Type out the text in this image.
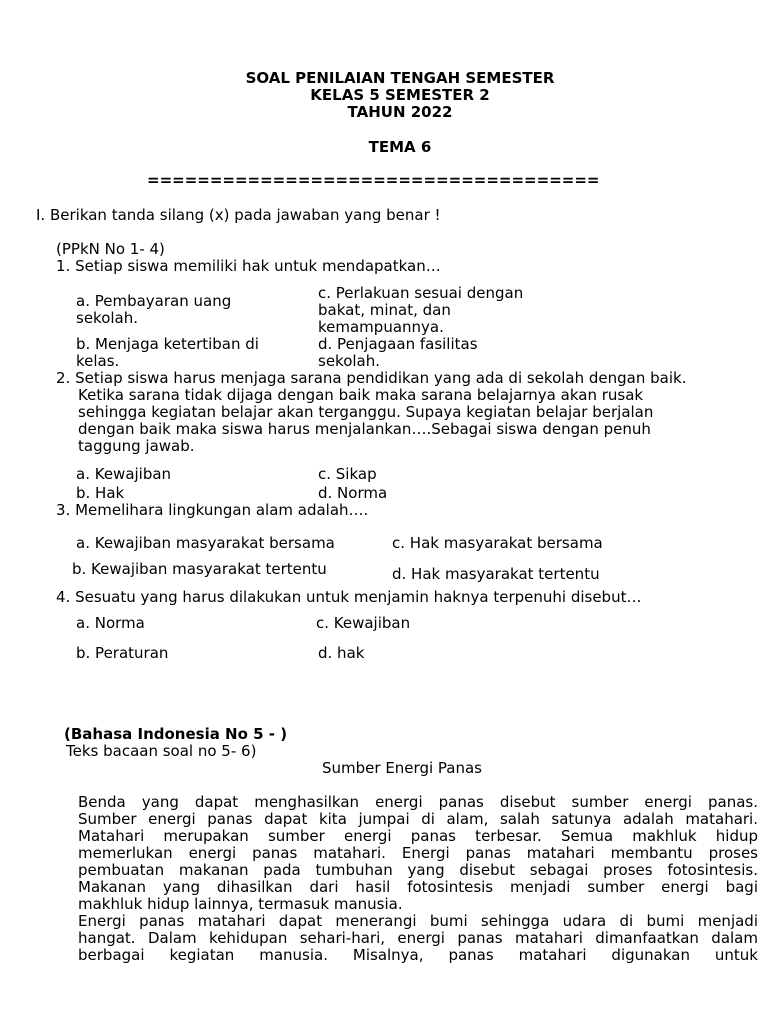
SOAL PENILAIAN TENGAH SEMESTER
KELAS 5 SEMESTER 2
TAHUN 2022
TEMA 6
====================================
I. Berikan tanda silang (x) pada jawaban yang benar !
(PPkN No 1- 4)
1. Setiap siswa memiliki hak untuk mendapatkan…
a. Pembayaran uang sekolah.
b. Menjaga ketertiban di kelas.
c. Perlakuan sesuai dengan bakat, minat, dan kemampuannya.
d. Penjagaan fasilitas sekolah.
2. Setiap siswa harus menjaga sarana pendidikan yang ada di sekolah dengan baik.
Ketika sarana tidak dijaga dengan baik maka sarana belajarnya akan rusak
sehingga kegiatan belajar akan terganggu. Supaya kegiatan belajar berjalan
dengan baik maka siswa harus menjalankan….Sebagai siswa dengan penuh
taggung jawab.
a. Kewajiban
b. Hak
c. Sikap
d. Norma
3. Memelihara lingkungan alam adalah….
a. Kewajiban masyarakat bersama
b. Kewajiban masyarakat tertentu
c. Hak masyarakat bersama
d. Hak masyarakat tertentu
4. Sesuatu yang harus dilakukan untuk menjamin haknya terpenuhi disebut…
a. Norma
b. Peraturan
c. Kewajiban
d. hak
(Bahasa Indonesia No 5 - )
Teks bacaan soal no 5- 6)
Sumber Energi Panas
Benda yang dapat menghasilkan energi panas disebut sumber energi panas.
Sumber energi panas dapat kita jumpai di alam, salah satunya adalah matahari.
Matahari merupakan sumber energi panas terbesar. Semua makhluk hidup
memerlukan energi panas matahari. Energi panas matahari membantu proses
pembuatan makanan pada tumbuhan yang disebut sebagai proses fotosintesis.
Makanan yang dihasilkan dari hasil fotosintesis menjadi sumber energi bagi
makhluk hidup lainnya, termasuk manusia.
Energi panas matahari dapat menerangi bumi sehingga udara di bumi menjadi
hangat. Dalam kehidupan sehari-hari, energi panas matahari dimanfaatkan dalam
berbagai kegiatan manusia. Misalnya, panas matahari digunakan untuk
